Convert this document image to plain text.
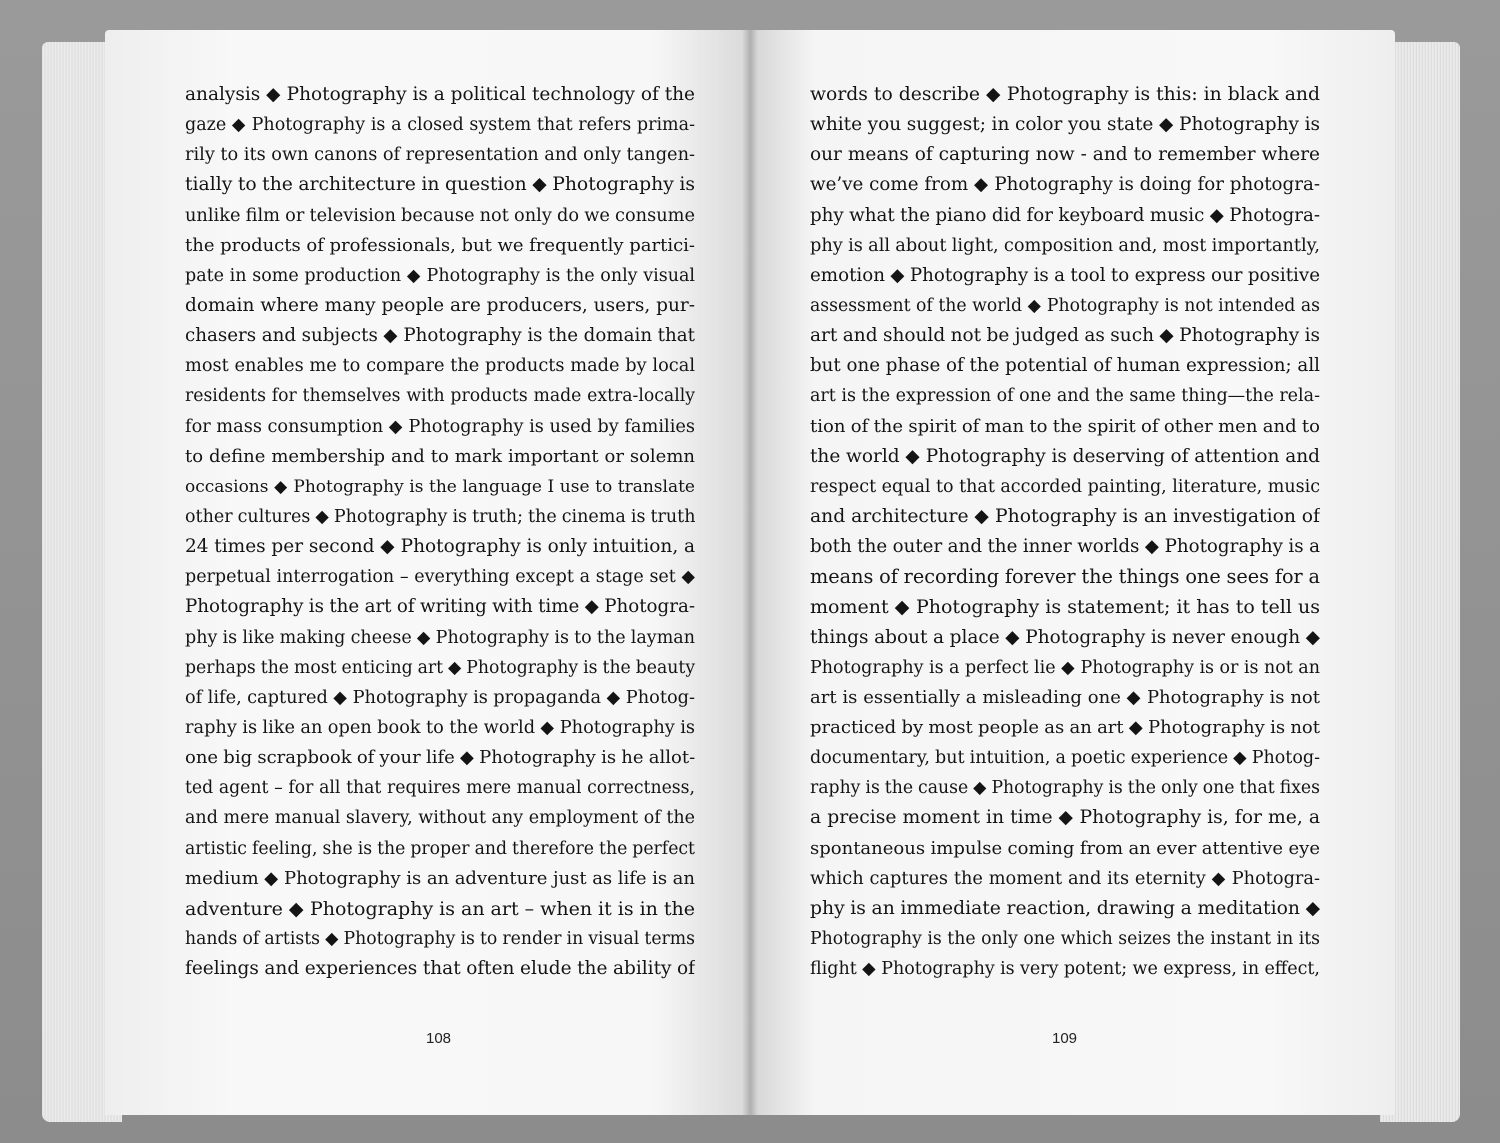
analysis ◆ Photography is a political technology of the
gaze ◆ Photography is a closed system that refers prima-
rily to its own canons of representation and only tangen-
tially to the architecture in question ◆ Photography is
unlike film or television because not only do we consume
the products of professionals, but we frequently partici-
pate in some production ◆ Photography is the only visual
domain where many people are producers, users, pur-
chasers and subjects ◆ Photography is the domain that
most enables me to compare the products made by local
residents for themselves with products made extra-locally
for mass consumption ◆ Photography is used by families
to define membership and to mark important or solemn
occasions ◆ Photography is the language I use to translate
other cultures ◆ Photography is truth; the cinema is truth
24 times per second ◆ Photography is only intuition, a
perpetual interrogation – everything except a stage set ◆
Photography is the art of writing with time ◆ Photogra-
phy is like making cheese ◆ Photography is to the layman
perhaps the most enticing art ◆ Photography is the beauty
of life, captured ◆ Photography is propaganda ◆ Photog-
raphy is like an open book to the world ◆ Photography is
one big scrapbook of your life ◆ Photography is he allot-
ted agent – for all that requires mere manual correctness,
and mere manual slavery, without any employment of the
artistic feeling, she is the proper and therefore the perfect
medium ◆ Photography is an adventure just as life is an
adventure ◆ Photography is an art – when it is in the
hands of artists ◆ Photography is to render in visual terms
feelings and experiences that often elude the ability of
108
words to describe ◆ Photography is this: in black and
white you suggest; in color you state ◆ Photography is
our means of capturing now - and to remember where
we’ve come from ◆ Photography is doing for photogra-
phy what the piano did for keyboard music ◆ Photogra-
phy is all about light, composition and, most importantly,
emotion ◆ Photography is a tool to express our positive
assessment of the world ◆ Photography is not intended as
art and should not be judged as such ◆ Photography is
but one phase of the potential of human expression; all
art is the expression of one and the same thing—the rela-
tion of the spirit of man to the spirit of other men and to
the world ◆ Photography is deserving of attention and
respect equal to that accorded painting, literature, music
and architecture ◆ Photography is an investigation of
both the outer and the inner worlds ◆ Photography is a
means of recording forever the things one sees for a
moment ◆ Photography is statement; it has to tell us
things about a place ◆ Photography is never enough ◆
Photography is a perfect lie ◆ Photography is or is not an
art is essentially a misleading one ◆ Photography is not
practiced by most people as an art ◆ Photography is not
documentary, but intuition, a poetic experience ◆ Photog-
raphy is the cause ◆ Photography is the only one that fixes
a precise moment in time ◆ Photography is, for me, a
spontaneous impulse coming from an ever attentive eye
which captures the moment and its eternity ◆ Photogra-
phy is an immediate reaction, drawing a meditation ◆
Photography is the only one which seizes the instant in its
flight ◆ Photography is very potent; we express, in effect,
109
